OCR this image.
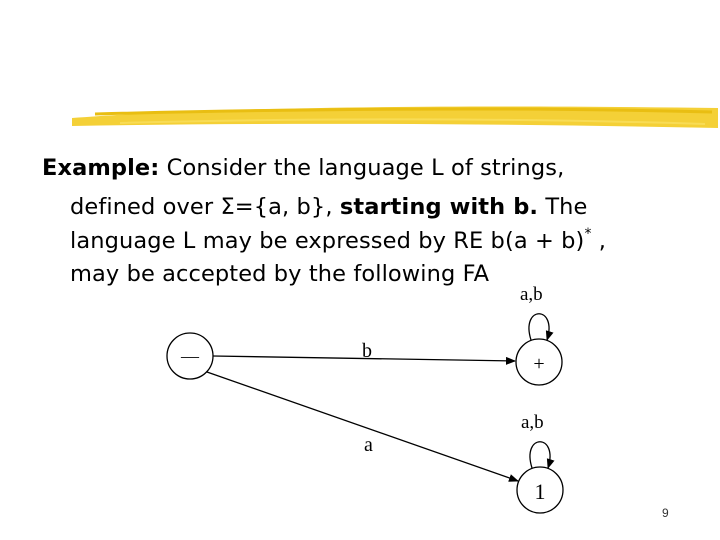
Example: Consider the language L of strings,
defined over Σ={a, b}, starting with b. The
language L may be expressed by RE b(a + b)* ,
may be accepted by the following FA
—	+
1
b
a
a,b
a,b
9
